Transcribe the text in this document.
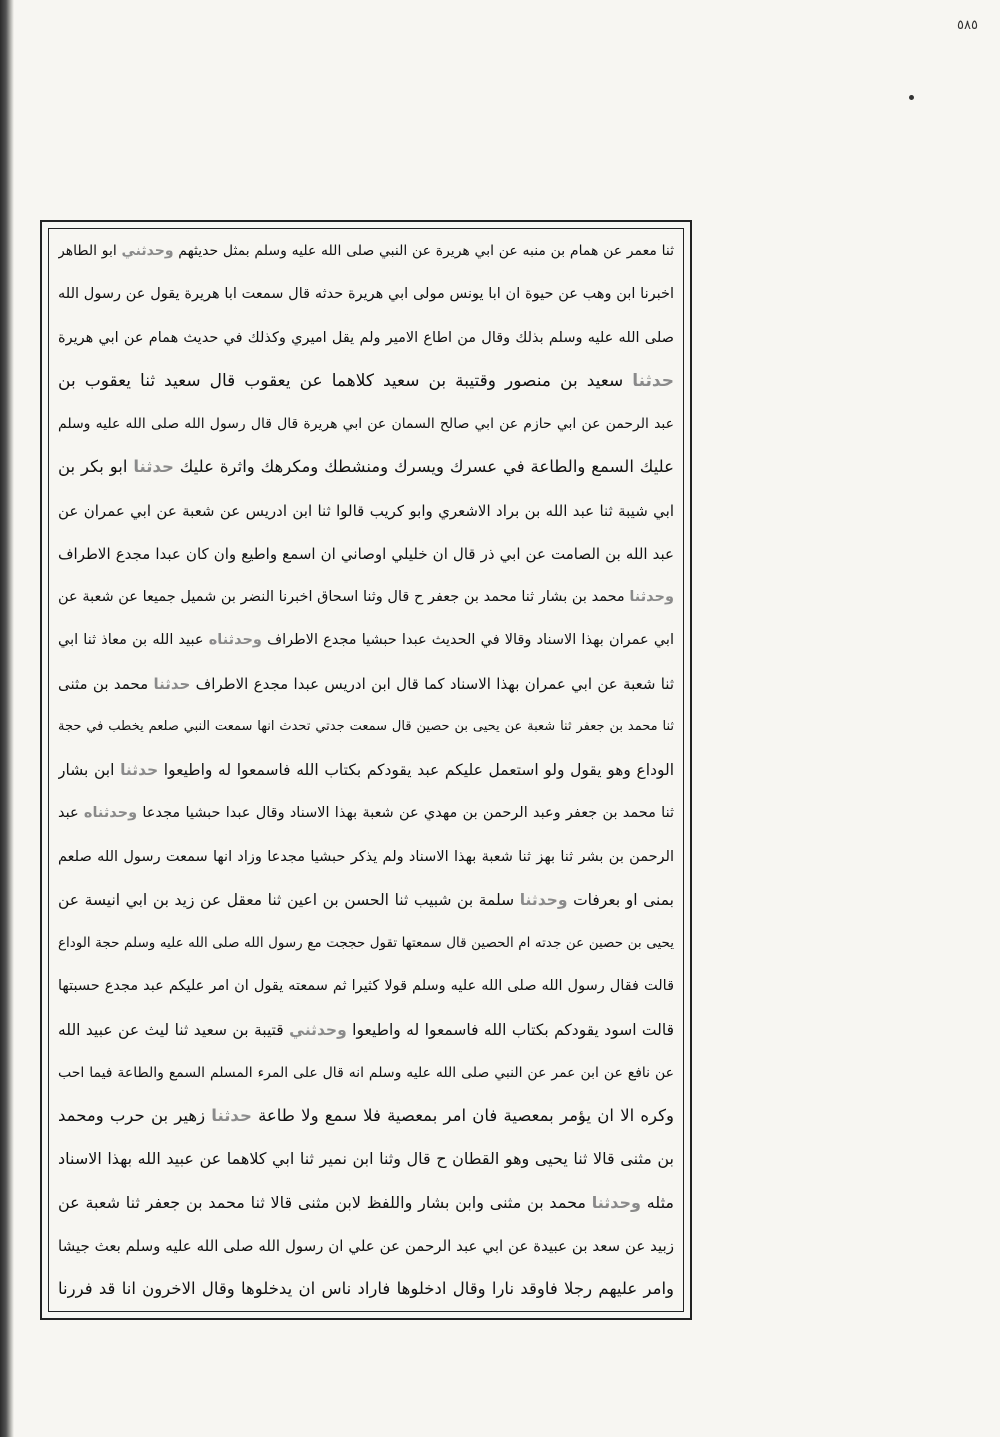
٥٨٥
ثنا معمر عن همام بن منبه عن ابي هريرة عن النبي صلى الله عليه وسلم بمثل حديثهم وحدثني ابو الطاهر
اخبرنا ابن وهب عن حيوة ان ابا يونس مولى ابي هريرة حدثه قال سمعت ابا هريرة يقول عن رسول الله
صلى الله عليه وسلم بذلك وقال من اطاع الامير ولم يقل اميري وكذلك في حديث همام عن ابي هريرة
حدثنا سعيد بن منصور وقتيبة بن سعيد كلاهما عن يعقوب قال سعيد ثنا يعقوب بن
عبد الرحمن عن ابي حازم عن ابي صالح السمان عن ابي هريرة قال قال رسول الله صلى الله عليه وسلم
عليك السمع والطاعة في عسرك ويسرك ومنشطك ومكرهك واثرة عليك حدثنا ابو بكر بن
ابي شيبة ثنا عبد الله بن براد الاشعري وابو كريب قالوا ثنا ابن ادريس عن شعبة عن ابي عمران عن
عبد الله بن الصامت عن ابي ذر قال ان خليلي اوصاني ان اسمع واطيع وان كان عبدا مجدع الاطراف
وحدثنا محمد بن بشار ثنا محمد بن جعفر ح قال وثنا اسحاق اخبرنا النضر بن شميل جميعا عن شعبة عن
ابي عمران بهذا الاسناد وقالا في الحديث عبدا حبشيا مجدع الاطراف وحدثناه عبيد الله بن معاذ ثنا ابي
ثنا شعبة عن ابي عمران بهذا الاسناد كما قال ابن ادريس عبدا مجدع الاطراف حدثنا محمد بن مثنى
ثنا محمد بن جعفر ثنا شعبة عن يحيى بن حصين قال سمعت جدتي تحدث انها سمعت النبي صلعم يخطب في حجة
الوداع وهو يقول ولو استعمل عليكم عبد يقودكم بكتاب الله فاسمعوا له واطيعوا حدثنا ابن بشار
ثنا محمد بن جعفر وعبد الرحمن بن مهدي عن شعبة بهذا الاسناد وقال عبدا حبشيا مجدعا وحدثناه عبد
الرحمن بن بشر ثنا بهز ثنا شعبة بهذا الاسناد ولم يذكر حبشيا مجدعا وزاد انها سمعت رسول الله صلعم
بمنى او بعرفات وحدثنا سلمة بن شبيب ثنا الحسن بن اعين ثنا معقل عن زيد بن ابي انيسة عن
يحيى بن حصين عن جدته ام الحصين قال سمعتها تقول حججت مع رسول الله صلى الله عليه وسلم حجة الوداع
قالت فقال رسول الله صلى الله عليه وسلم قولا كثيرا ثم سمعته يقول ان امر عليكم عبد مجدع حسبتها
قالت اسود يقودكم بكتاب الله فاسمعوا له واطيعوا وحدثني قتيبة بن سعيد ثنا ليث عن عبيد الله
عن نافع عن ابن عمر عن النبي صلى الله عليه وسلم انه قال على المرء المسلم السمع والطاعة فيما احب
وكره الا ان يؤمر بمعصية فان امر بمعصية فلا سمع ولا طاعة حدثنا زهير بن حرب ومحمد
بن مثنى قالا ثنا يحيى وهو القطان ح قال وثنا ابن نمير ثنا ابي كلاهما عن عبيد الله بهذا الاسناد
مثله وحدثنا محمد بن مثنى وابن بشار واللفظ لابن مثنى قالا ثنا محمد بن جعفر ثنا شعبة عن
زبيد عن سعد بن عبيدة عن ابي عبد الرحمن عن علي ان رسول الله صلى الله عليه وسلم بعث جيشا
وامر عليهم رجلا فاوقد نارا وقال ادخلوها فاراد ناس ان يدخلوها وقال الاخرون انا قد فررنا
